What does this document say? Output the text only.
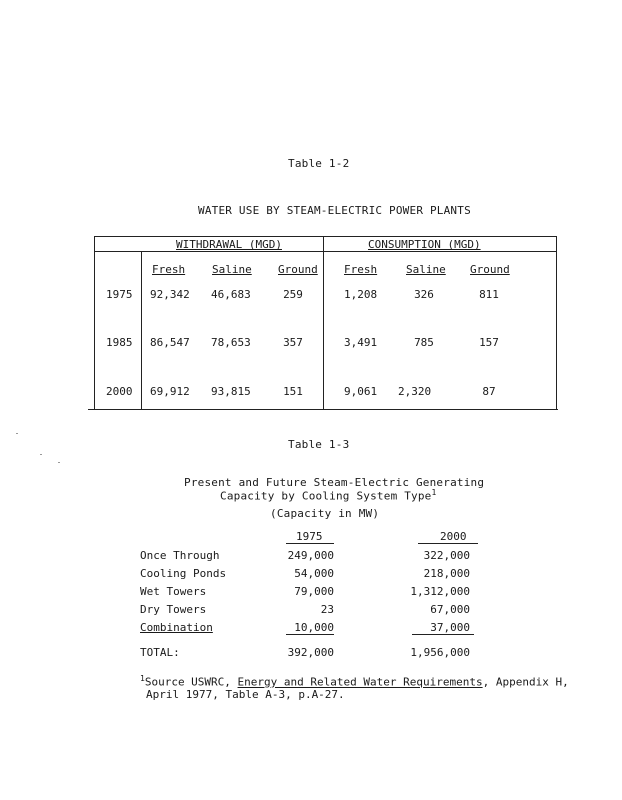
Table 1-2
WATER USE BY STEAM-ELECTRIC POWER PLANTS
WITHDRAWAL (MGD)	CONSUMPTION (MGD)
Fresh Saline Ground Fresh	Saline Ground
1975 92,342 46,683	259	1,208	326	811
1985 86,547 78,653	357	3,491	785	157
2000 69,912 93,815	151	9,061 2,320	87
Table 1-3
Present and Future Steam-Electric Generating
Capacity by Cooling System Type$^1$
(Capacity in MW)
1975	2000
Once Through	249,000	322,000
Cooling Ponds	54,000	218,000
Wet Towers	79,000	1,312,000
Dry Towers	23	67,000
Combination	10,000	37,000
TOTAL:	392,000	1,956,000
$^1$Source USWRC, Energy and Related Water Requirements, Appendix H,
April 1977, Table A-3, p.A-27.
